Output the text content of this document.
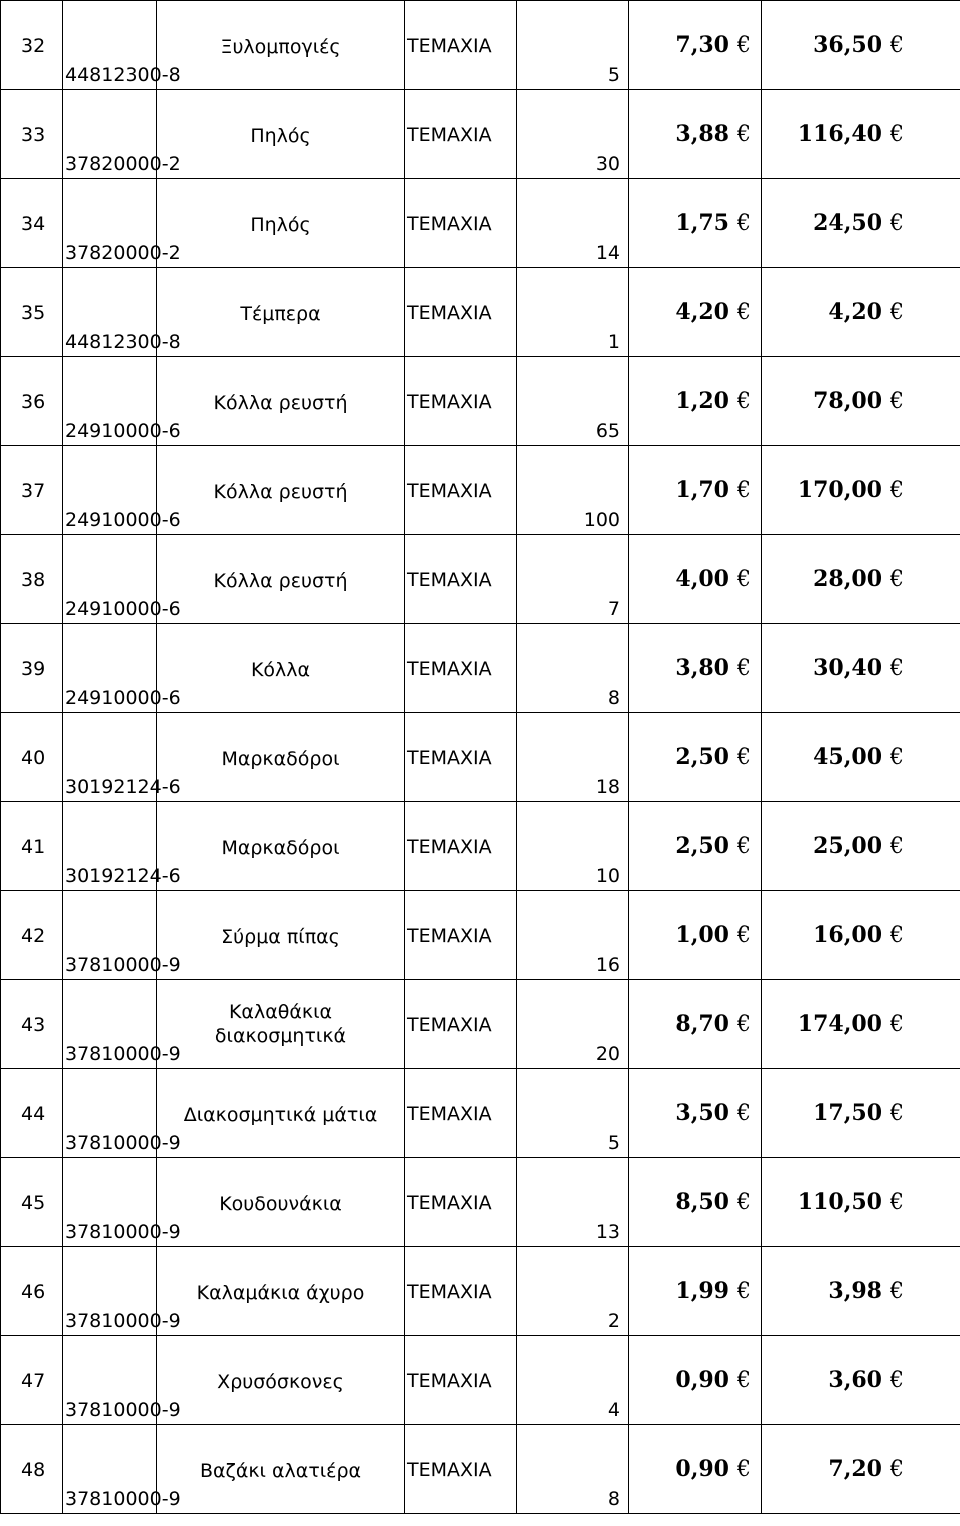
32	44812300-8	Ξυλομπογιές	ΤΕΜΑΧΙΑ	5	7,30 €	36,50 €

33	37820000-2	Πηλός	ΤΕΜΑΧΙΑ	30	3,88 €	116,40 €

34	37820000-2	Πηλός	ΤΕΜΑΧΙΑ	14	1,75 €	24,50 €

35	44812300-8	Τέμπερα	ΤΕΜΑΧΙΑ	1	4,20 €	4,20 €

36	24910000-6	Κόλλα ρευστή	ΤΕΜΑΧΙΑ	65	1,20 €	78,00 €

37	24910000-6	Κόλλα ρευστή	ΤΕΜΑΧΙΑ	100	1,70 €	170,00 €

38	24910000-6	Κόλλα ρευστή	ΤΕΜΑΧΙΑ	7	4,00 €	28,00 €

39	24910000-6	Κόλλα	ΤΕΜΑΧΙΑ	8	3,80 €	30,40 €

40	30192124-6	Μαρκαδόροι	ΤΕΜΑΧΙΑ	18	2,50 €	45,00 €

41	30192124-6	Μαρκαδόροι	ΤΕΜΑΧΙΑ	10	2,50 €	25,00 €

42	37810000-9	Σύρμα πίπας	ΤΕΜΑΧΙΑ	16	1,00 €	16,00 €

43	37810000-9	Καλαθάκια
διακοσμητικά	ΤΕΜΑΧΙΑ	20	8,70 €	174,00 €

44	37810000-9	Διακοσμητικά μάτια	ΤΕΜΑΧΙΑ	5	3,50 €	17,50 €

45	37810000-9	Κουδουνάκια	ΤΕΜΑΧΙΑ	13	8,50 €	110,50 €

46	37810000-9	Καλαμάκια άχυρο	ΤΕΜΑΧΙΑ	2	1,99 €	3,98 €

47	37810000-9	Χρυσόσκονες	ΤΕΜΑΧΙΑ	4	0,90 €	3,60 €

48	37810000-9	Βαζάκι αλατιέρα	ΤΕΜΑΧΙΑ	8	0,90 €	7,20 €
